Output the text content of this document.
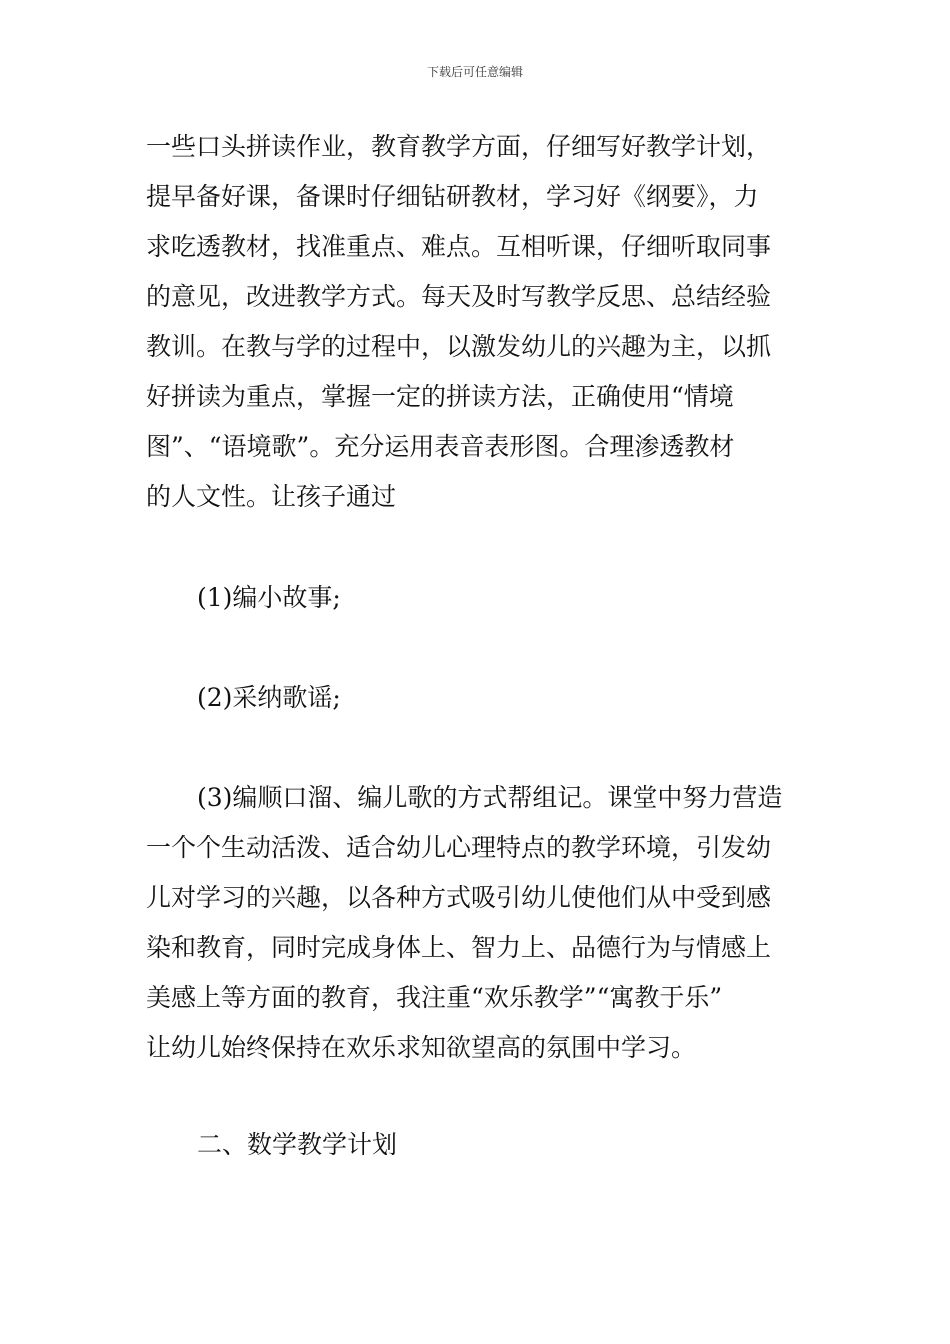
下载后可任意编辑
一些口头拼读作业，教育教学方面，仔细写好教学计划，
提早备好课，备课时仔细钻研教材，学习好《纲要》，力
求吃透教材，找准重点、难点。互相听课，仔细听取同事
的意见，改进教学方式。每天及时写教学反思、总结经验
教训。在教与学的过程中，以激发幼儿的兴趣为主，以抓
好拼读为重点，掌握一定的拼读方法，正确使用“情境
图”、“语境歌”。充分运用表音表形图。合理渗透教材
的人文性。让孩子通过
(1)编小故事;
(2)采纳歌谣;
(3)编顺口溜、编儿歌的方式帮组记。课堂中努力营造
一个个生动活泼、适合幼儿心理特点的教学环境，引发幼
儿对学习的兴趣，以各种方式吸引幼儿使他们从中受到感
染和教育，同时完成身体上、智力上、品德行为与情感上
美感上等方面的教育，我注重“欢乐教学”“寓教于乐”
让幼儿始终保持在欢乐求知欲望高的氛围中学习。
二、数学教学计划
